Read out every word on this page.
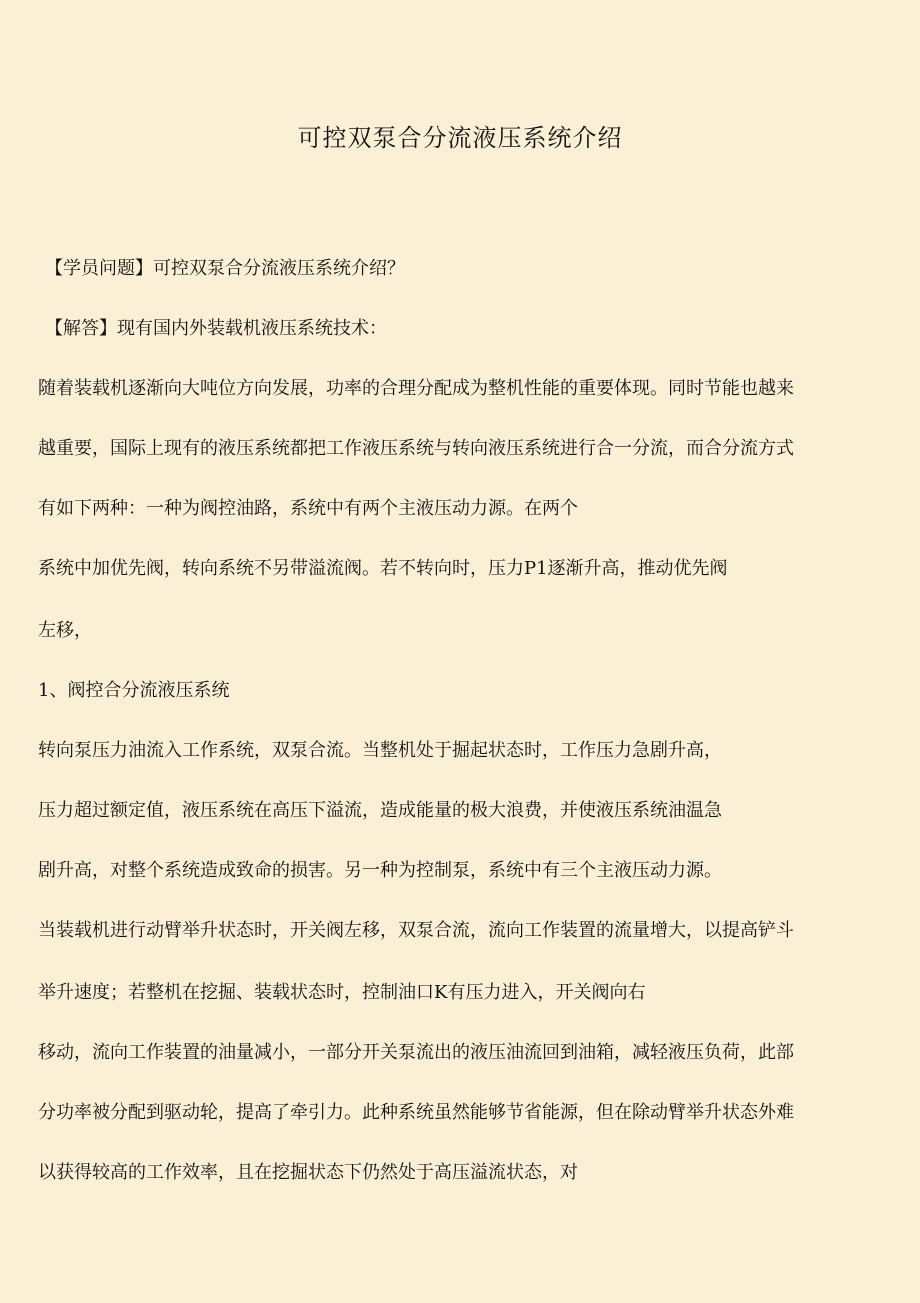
可控双泵合分流液压系统介绍
【学员问题】可控双泵合分流液压系统介绍？
【解答】现有国内外装载机液压系统技术：
随着装载机逐渐向大吨位方向发展，功率的合理分配成为整机性能的重要体现。同时节能也越来
越重要，国际上现有的液压系统都把工作液压系统与转向液压系统进行合一分流，而合分流方式
有如下两种：一种为阀控油路，系统中有两个主液压动力源。在两个
系统中加优先阀，转向系统不另带溢流阀。若不转向时，压力P1逐渐升高，推动优先阀
左移，
1、阀控合分流液压系统
转向泵压力油流入工作系统，双泵合流。当整机处于掘起状态时，工作压力急剧升高，
压力超过额定值，液压系统在高压下溢流，造成能量的极大浪费，并使液压系统油温急
剧升高，对整个系统造成致命的损害。另一种为控制泵，系统中有三个主液压动力源。
当装载机进行动臂举升状态时，开关阀左移，双泵合流，流向工作装置的流量增大，以提高铲斗
举升速度；若整机在挖掘、装载状态时，控制油口K有压力进入，开关阀向右
移动，流向工作装置的油量减小，一部分开关泵流出的液压油流回到油箱，减轻液压负荷，此部
分功率被分配到驱动轮，提高了牵引力。此种系统虽然能够节省能源，但在除动臂举升状态外难
以获得较高的工作效率，且在挖掘状态下仍然处于高压溢流状态，对
